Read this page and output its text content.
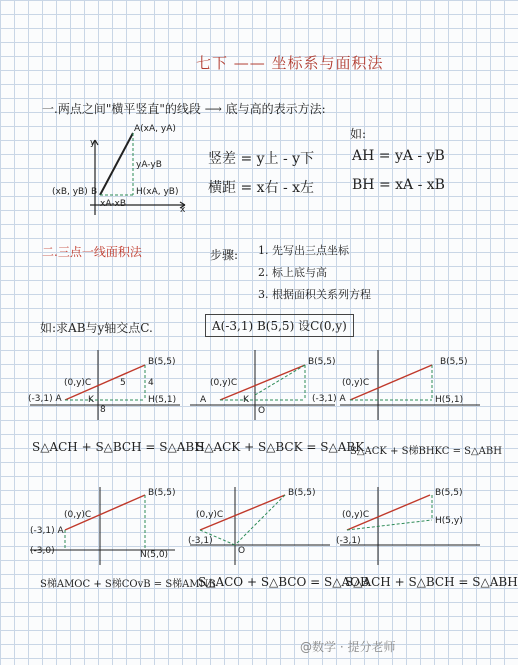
七下 —— 坐标系与面积法
一.两点之间"横平竖直"的线段 ⟶ 底与高的表示方法:
A(xA, yA)
B
(xB, yB)	H(xA, yB)
yA-yB
xA-xB
x
y
竖差 = y上 - y下
横距 = x右 - x左
如:
AH = yA - yB
BH = xA - xB
二.三点一线面积法	步骤: 1. 先写出三点坐标
2. 标上底与高
3. 根据面积关系列方程
如:求AB与y轴交点C.	A(-3,1) B(5,5) 设C(0,y)
B(5,5)
(0,y)C
(-3,1) A	H(5,1)
5 4
K
8
B(5,5)
(0,y)C
A	K
O
B(5,5)
(0,y)C
(-3,1) A	H(5,1)
S△ACH + S△BCH = S△ABH
S△ACK + S△BCK = S△ABK
S△ACK + S梯BHKC = S△ABH
B(5,5)
(0,y)C
(-3,1) A
(-3,0)	N(5,0)
B(5,5)
(0,y)C
(-3,1)
O
B(5,5)
(0,y)C
(-3,1)
H(5,y)
S梯AMOC + S梯COvB = S梯AMNB
S△ACO + S△BCO = S△AOB
S△ACH + S△BCH = S△ABH
@数学 · 提分老师
